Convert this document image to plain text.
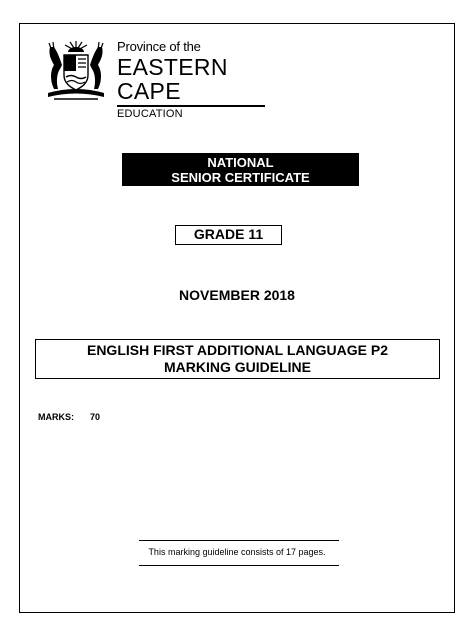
Province of the
EASTERN CAPE
EDUCATION
NATIONAL
SENIOR CERTIFICATE
GRADE 11
NOVEMBER 2018
ENGLISH FIRST ADDITIONAL LANGUAGE P2
MARKING GUIDELINE
MARKS: 70
This marking guideline consists of 17 pages.
